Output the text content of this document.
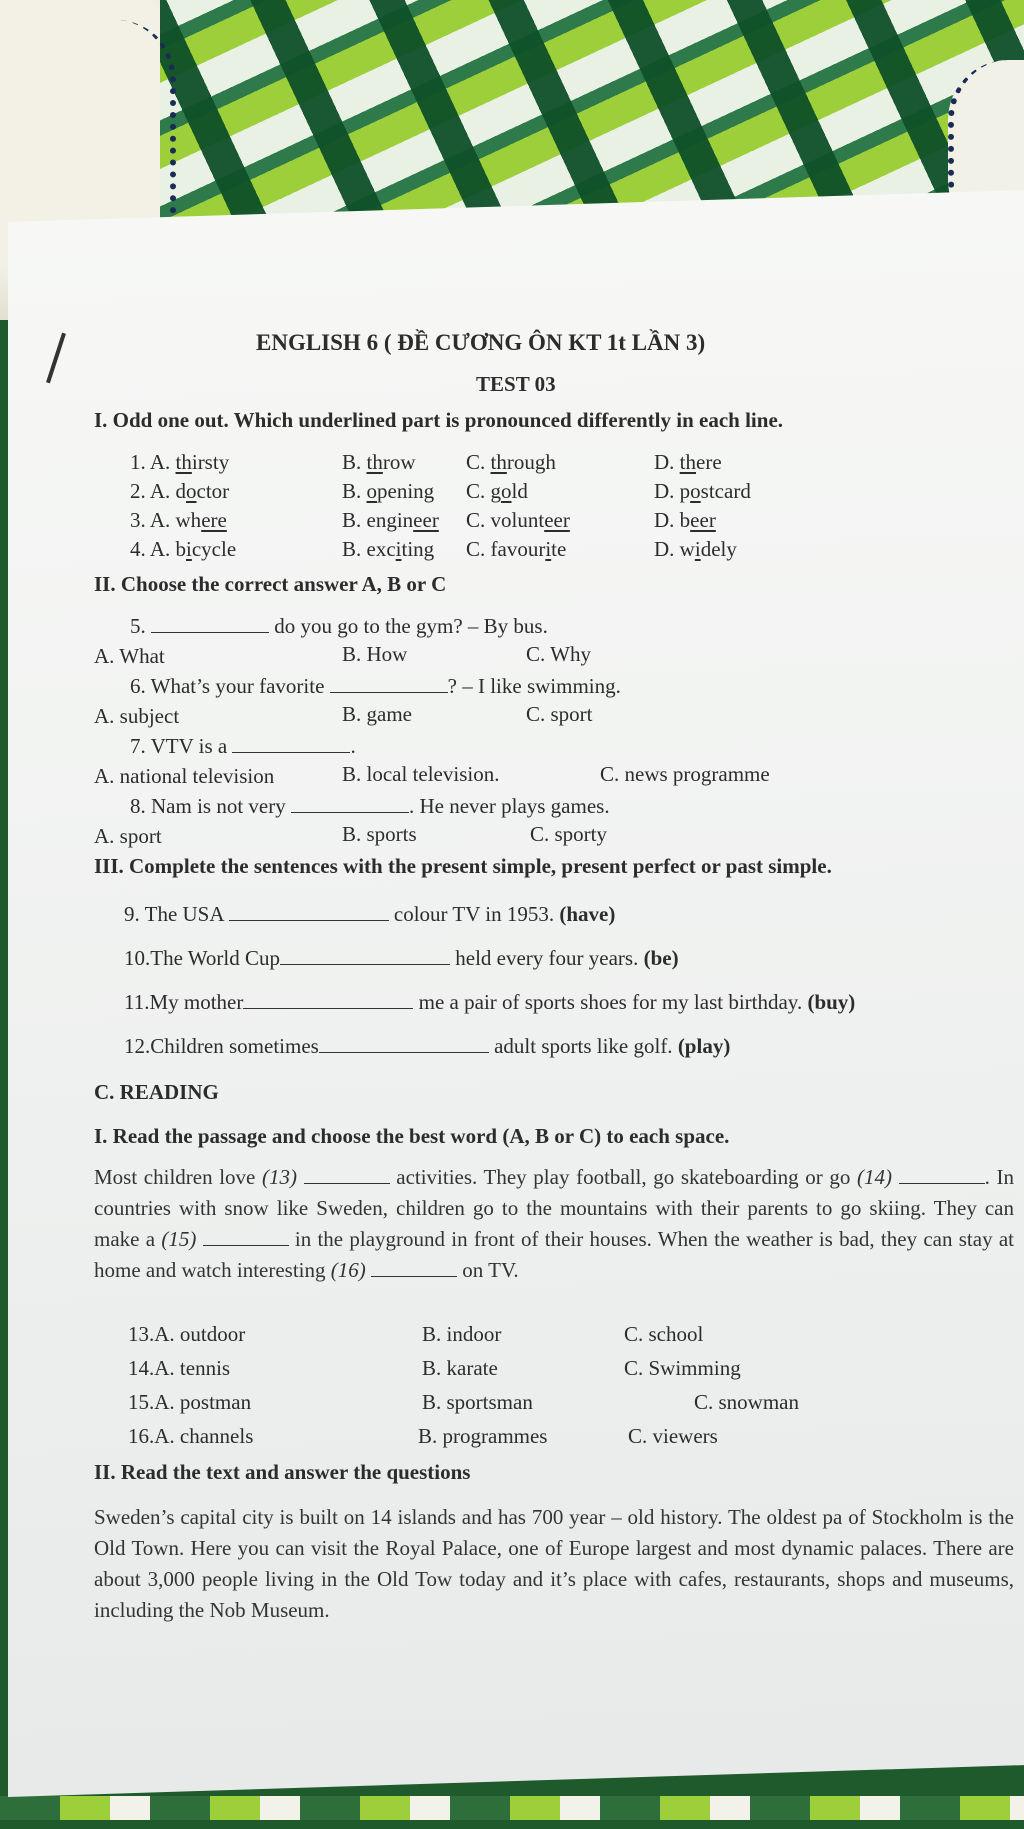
ENGLISH 6 ( ĐỀ CƯƠNG ÔN KT 1t LẦN 3)
TEST 03
I. Odd one out. Which underlined part is pronounced differently in each line.
1. A. thirsty	B. throw C. through	D. there
2. A. doctor	B. opening C. gold	D. postcard
3. A. where	B. engineer C. volunteer	D. beer
4. A. bicycle	B. exciting C. favourite	D. widely
II. Choose the correct answer A, B or C
5.	do you go to the gym? – By bus.
A. What	B. How	C. Why
6. What’s your favorite	? – I like swimming.
A. subject	B. game	C. sport
7. VTV is a	.
A. national television	B. local television.	C. news programme
8. Nam is not very	. He never plays games.
A. sport	B. sports	C. sporty
III. Complete the sentences with the present simple, present perfect or past simple.
9. The USA	colour TV in 1953. (have)
10.The World Cup	held every four years. (be)
11.My mother	me a pair of sports shoes for my last birthday. (buy)
12.Children sometimes	adult sports like golf. (play)
C. READING
I. Read the passage and choose the best word (A, B or C) to each space.
Most children love (13)	activities. They play football, go skateboarding or go (14)	. In countries with snow like Sweden, children go to the mountains with their parents to go skiing. They can make a (15)	in the playground in front of their houses. When the weather is bad, they can stay at home and watch interesting (16)	on TV.
13.A. outdoor	B. indoor	C. school
14.A. tennis	B. karate	C. Swimming
15.A. postman	B. sportsman	C. snowman
16.A. channels	B. programmes	C. viewers
II. Read the text and answer the questions
Sweden’s capital city is built on 14 islands and has 700 year – old history. The oldest pa of Stockholm is the Old Town. Here you can visit the Royal Palace, one of Europe largest and most dynamic palaces. There are about 3,000 people living in the Old Tow today and it’s place with cafes, restaurants, shops and museums, including the Nob Museum.
